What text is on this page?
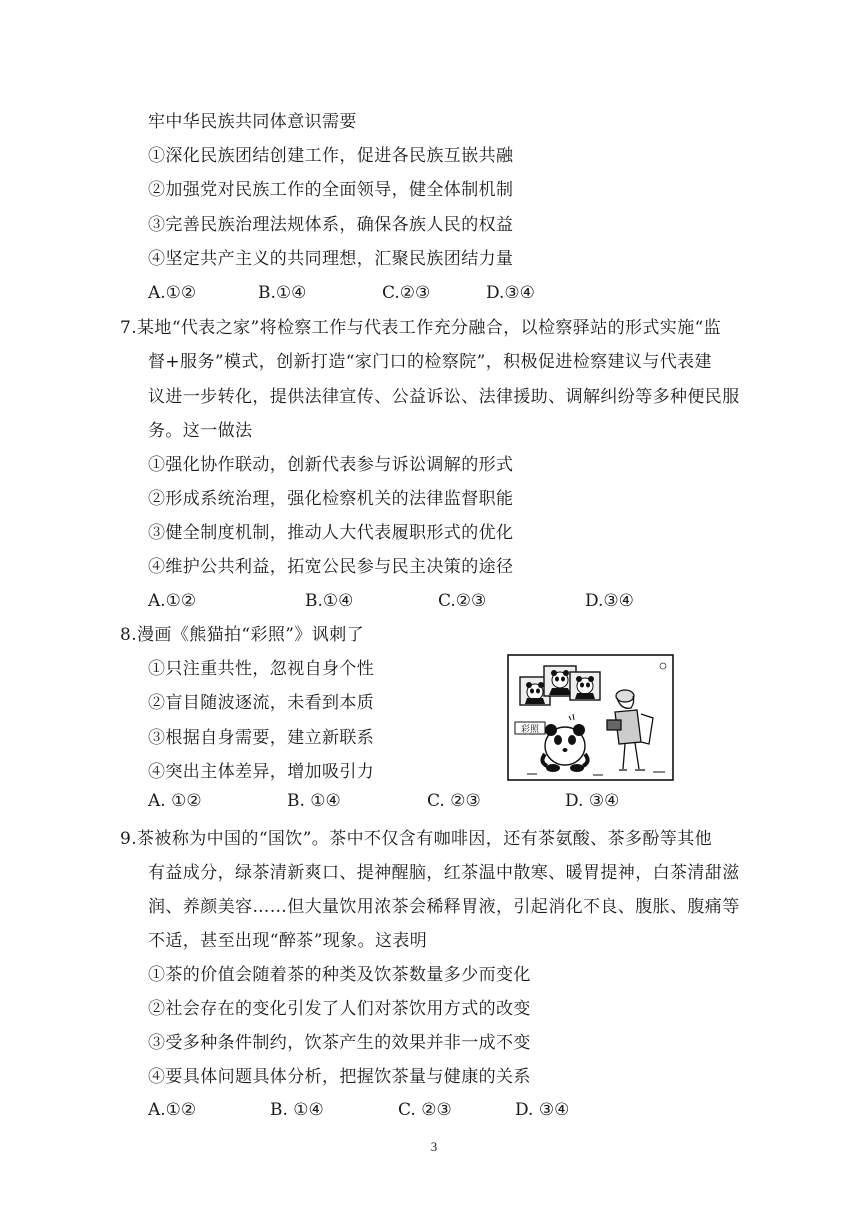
牢中华民族共同体意识需要
①深化民族团结创建工作，促进各民族互嵌共融
②加强党对民族工作的全面领导，健全体制机制
③完善民族治理法规体系，确保各族人民的权益
④坚定共产主义的共同理想，汇聚民族团结力量
A.①②	B.①④	C.②③	D.③④
7.某地“代表之家”将检察工作与代表工作充分融合，以检察驿站的形式实施“监
督+服务”模式，创新打造“家门口的检察院”，积极促进检察建议与代表建
议进一步转化，提供法律宣传、公益诉讼、法律援助、调解纠纷等多种便民服
务。这一做法
①强化协作联动，创新代表参与诉讼调解的形式
②形成系统治理，强化检察机关的法律监督职能
③健全制度机制，推动人大代表履职形式的优化
④维护公共利益，拓宽公民参与民主决策的途径
A.①②	B.①④	C.②③	D.③④
8.漫画《熊猫拍“彩照”》讽刺了
①只注重共性，忽视自身个性
②盲目随波逐流，未看到本质
③根据自身需要，建立新联系
④突出主体差异，增加吸引力
A. ①②	B. ①④	C. ②③	D. ③④
彩照
9.茶被称为中国的“国饮”。茶中不仅含有咖啡因，还有茶氨酸、茶多酚等其他
有益成分，绿茶清新爽口、提神醒脑，红茶温中散寒、暖胃提神，白茶清甜滋
润、养颜美容……但大量饮用浓茶会稀释胃液，引起消化不良、腹胀、腹痛等
不适，甚至出现“醉茶”现象。这表明
①茶的价值会随着茶的种类及饮茶数量多少而变化
②社会存在的变化引发了人们对茶饮用方式的改变
③受多种条件制约，饮茶产生的效果并非一成不变
④要具体问题具体分析，把握饮茶量与健康的关系
A.①②	B. ①④	C. ②③	D. ③④
3
